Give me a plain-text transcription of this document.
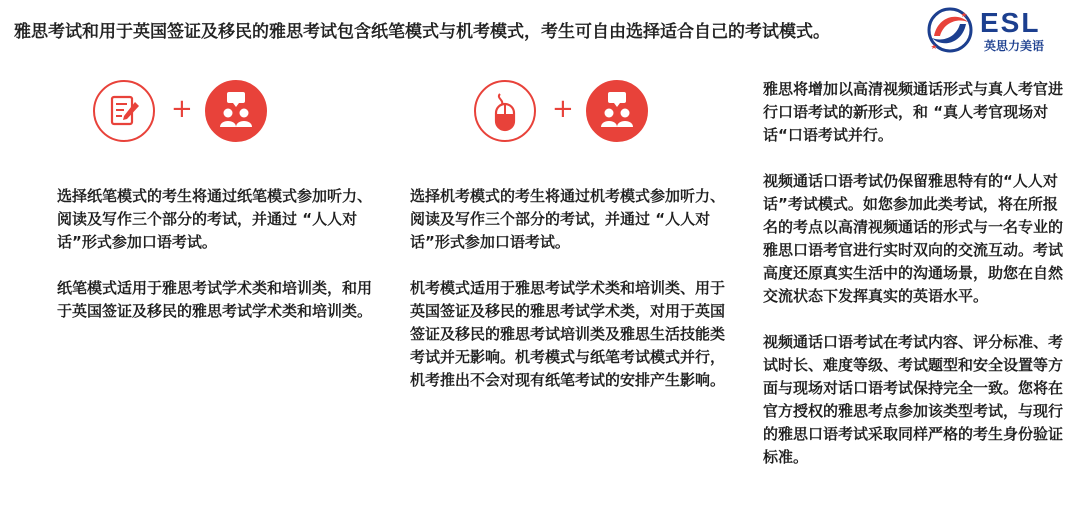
雅思考试和用于英国签证及移民的雅思考试包含纸笔模式与机考模式，考生可自由选择适合自己的考试模式。	ESL
英思力美语
+	+

选择纸笔模式的考生将通过纸笔模式参加听力、阅读及写作三个部分的考试，并通过 “人人对话”形式参加口语考试。

纸笔模式适用于雅思考试学术类和培训类，和用于英国签证及移民的雅思考试学术类和培训类。

选择机考模式的考生将通过机考模式参加听力、阅读及写作三个部分的考试，并通过 “人人对话”形式参加口语考试。

机考模式适用于雅思考试学术类和培训类、用于英国签证及移民的雅思考试学术类，对用于英国签证及移民的雅思考试培训类及雅思生活技能类考试并无影响。机考模式与纸笔考试模式并行，机考推出不会对现有纸笔考试的安排产生影响。

雅思将增加以高清视频通话形式与真人考官进行口语考试的新形式，和 “真人考官现场对话“口语考试并行。

视频通话口语考试仍保留雅思特有的“人人对话”考试模式。如您参加此类考试，将在所报名的考点以高清视频通话的形式与一名专业的雅思口语考官进行实时双向的交流互动。考试高度还原真实生活中的沟通场景，助您在自然交流状态下发挥真实的英语水平。

视频通话口语考试在考试内容、评分标准、考试时长、难度等级、考试题型和安全设置等方面与现场对话口语考试保持完全一致。您将在官方授权的雅思考点参加该类型考试，与现行的雅思口语考试采取同样严格的考生身份验证标准。
